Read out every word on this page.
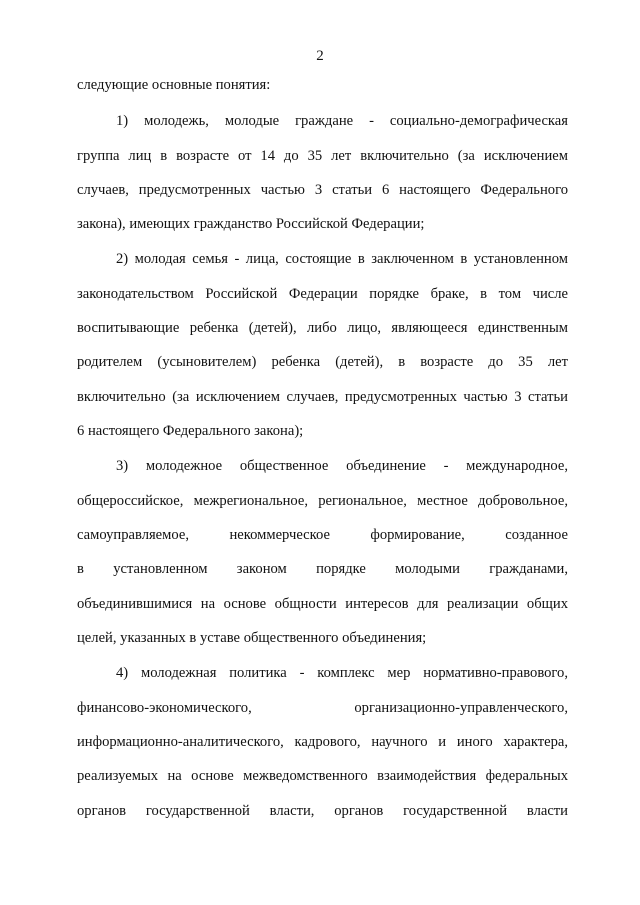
2
следующие основные понятия:
1) молодежь, молодые граждане - социально-демографическая
группа лиц в возрасте от 14 до 35 лет включительно (за исключением
случаев, предусмотренных частью 3 статьи 6 настоящего Федерального
закона), имеющих гражданство Российской Федерации;
2) молодая семья - лица, состоящие в заключенном в установленном
законодательством Российской Федерации порядке браке, в том числе
воспитывающие ребенка (детей), либо лицо, являющееся единственным
родителем (усыновителем) ребенка (детей), в возрасте до 35 лет
включительно (за исключением случаев, предусмотренных частью 3 статьи
6 настоящего Федерального закона);
3) молодежное общественное объединение - международное,
общероссийское, межрегиональное, региональное, местное добровольное,
самоуправляемое, некоммерческое формирование, созданное
в установленном законом порядке молодыми гражданами,
объединившимися на основе общности интересов для реализации общих
целей, указанных в уставе общественного объединения;
4) молодежная политика - комплекс мер нормативно-правового,
финансово-экономического, организационно-управленческого,
информационно-аналитического, кадрового, научного и иного характера,
реализуемых на основе межведомственного взаимодействия федеральных
органов государственной власти, органов государственной власти
